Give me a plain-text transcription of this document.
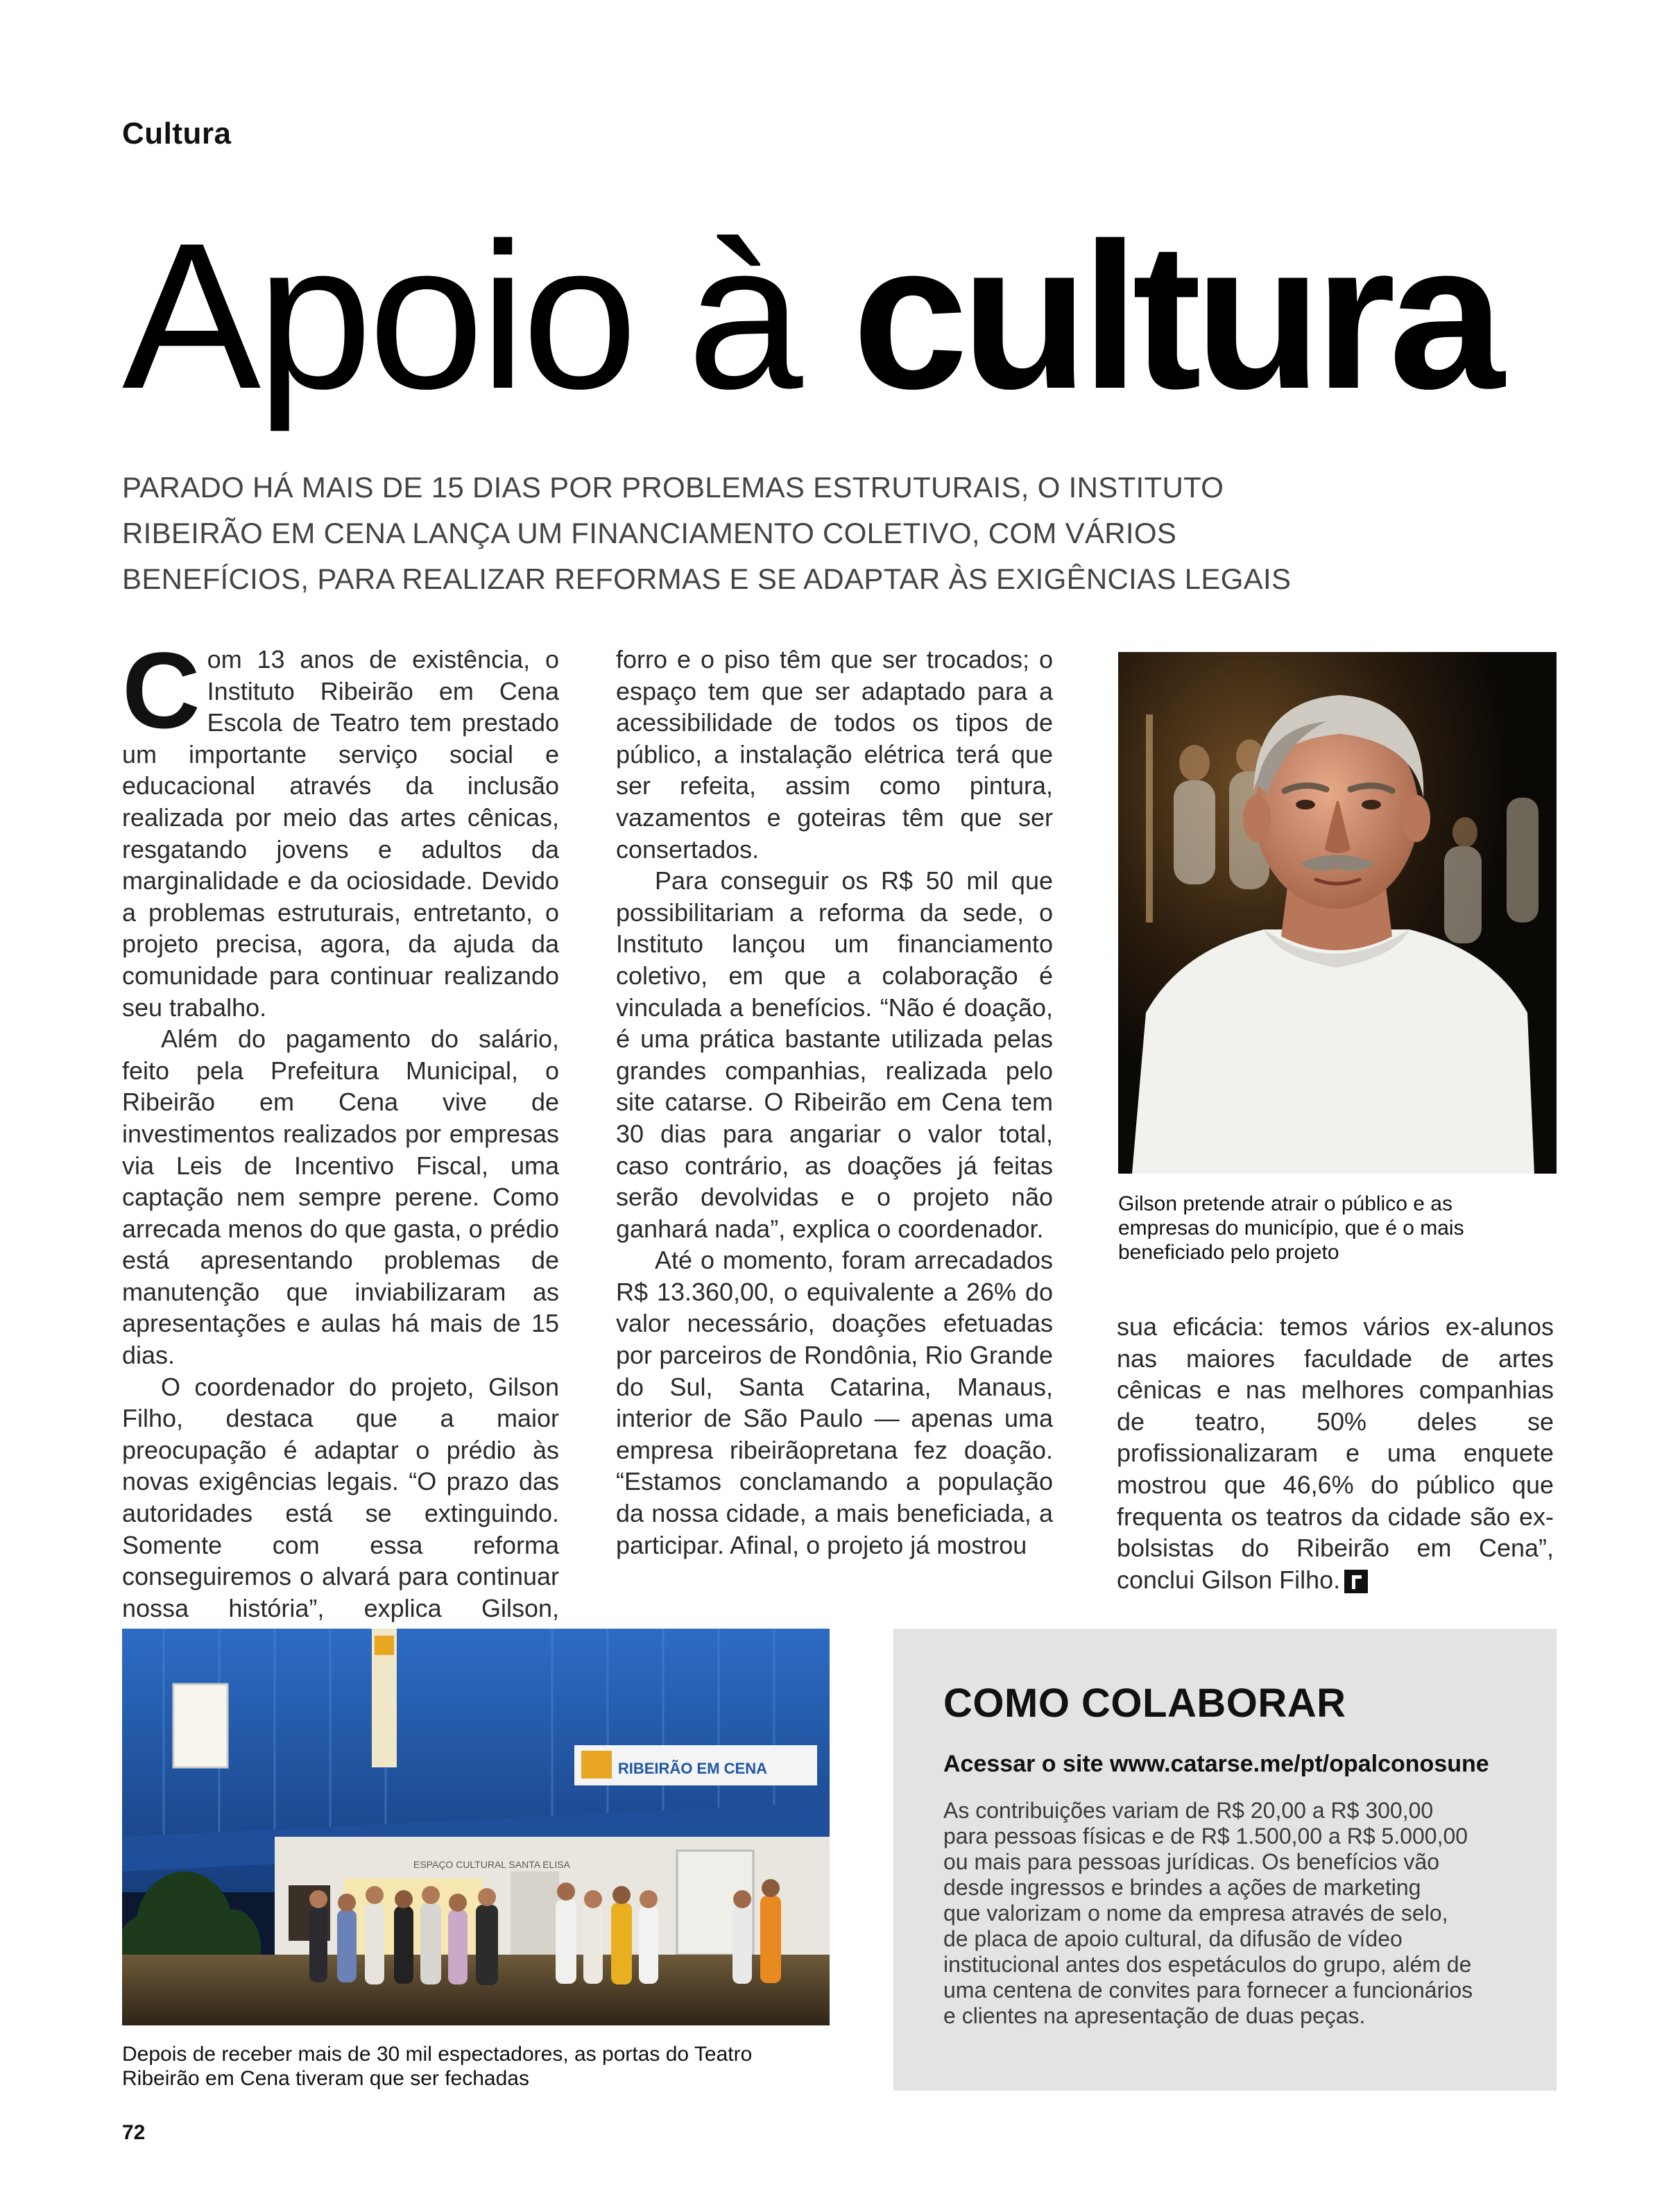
Cultura
Apoio à cultura
PARADO HÁ MAIS DE 15 DIAS POR PROBLEMAS ESTRUTURAIS, O INSTITUTO
RIBEIRÃO EM CENA LANÇA UM FINANCIAMENTO COLETIVO, COM VÁRIOS
BENEFÍCIOS, PARA REALIZAR REFORMAS E SE ADAPTAR ÀS EXIGÊNCIAS LEGAIS

Com 13 anos de existência, o Instituto Ribeirão em Cena Escola de Teatro tem prestado um importante serviço social e educacional através da inclusão realizada por meio das artes cênicas, resgatando jovens e adultos da marginalidade e da ociosidade. Devido a problemas estruturais, entretanto, o projeto precisa, agora, da ajuda da comunidade para continuar realizando seu trabalho.

Além do pagamento do salário, feito pela Prefeitura Municipal, o Ribeirão em Cena vive de investimentos realizados por empresas via Leis de Incentivo Fiscal, uma captação nem sempre perene. Como arrecada menos do que gasta, o prédio está apresentando problemas de manutenção que inviabilizaram as apresentações e aulas há mais de 15 dias.

O coordenador do projeto, Gilson Filho, destaca que a maior preocupação é adaptar o prédio às novas exigências legais. “O prazo das autoridades está se extinguindo. Somente com essa reforma conseguiremos o alvará para continuar nossa história”, explica Gilson,

forro e o piso têm que ser trocados; o espaço tem que ser adaptado para a acessibilidade de todos os tipos de público, a instalação elétrica terá que ser refeita, assim como pintura, vazamentos e goteiras têm que ser consertados.

Para conseguir os R$ 50 mil que possibilitariam a reforma da sede, o Instituto lançou um financiamento coletivo, em que a colaboração é vinculada a benefícios. “Não é doação, é uma prática bastante utilizada pelas grandes companhias, realizada pelo site catarse. O Ribeirão em Cena tem 30 dias para angariar o valor total, caso contrário, as doações já feitas serão devolvidas e o projeto não ganhará nada”, explica o coordenador.

Até o momento, foram arrecadados R$ 13.360,00, o equivalente a 26% do valor necessário, doações efetuadas por parceiros de Rondônia, Rio Grande do Sul, Santa Catarina, Manaus, interior de São Paulo — apenas uma empresa ribeirãopretana fez doação. “Estamos conclamando a população da nossa cidade, a mais beneficiada, a participar. Afinal, o projeto já mostrou

Gilson pretende atrair o público e as empresas do município, que é o mais beneficiado pelo projeto

sua eficácia: temos vários ex-alunos nas maiores faculdade de artes cênicas e nas melhores companhias de teatro, 50% deles se profissionalizaram e uma enquete mostrou que 46,6% do público que frequenta os teatros da cidade são ex-bolsistas do Ribeirão em Cena”, conclui Gilson Filho.

RIBEIRÃO EM CENA
ESPAÇO CULTURAL SANTA ELISA
Depois de receber mais de 30 mil espectadores, as portas do Teatro Ribeirão em Cena tiveram que ser fechadas
COMO COLABORAR
Acessar o site www.catarse.me/pt/opalconosune
As contribuições variam de R$ 20,00 a R$ 300,00
para pessoas físicas e de R$ 1.500,00 a R$ 5.000,00
ou mais para pessoas jurídicas. Os benefícios vão
desde ingressos e brindes a ações de marketing
que valorizam o nome da empresa através de selo,
de placa de apoio cultural, da difusão de vídeo
institucional antes dos espetáculos do grupo, além de
uma centena de convites para fornecer a funcionários
e clientes na apresentação de duas peças.
72
